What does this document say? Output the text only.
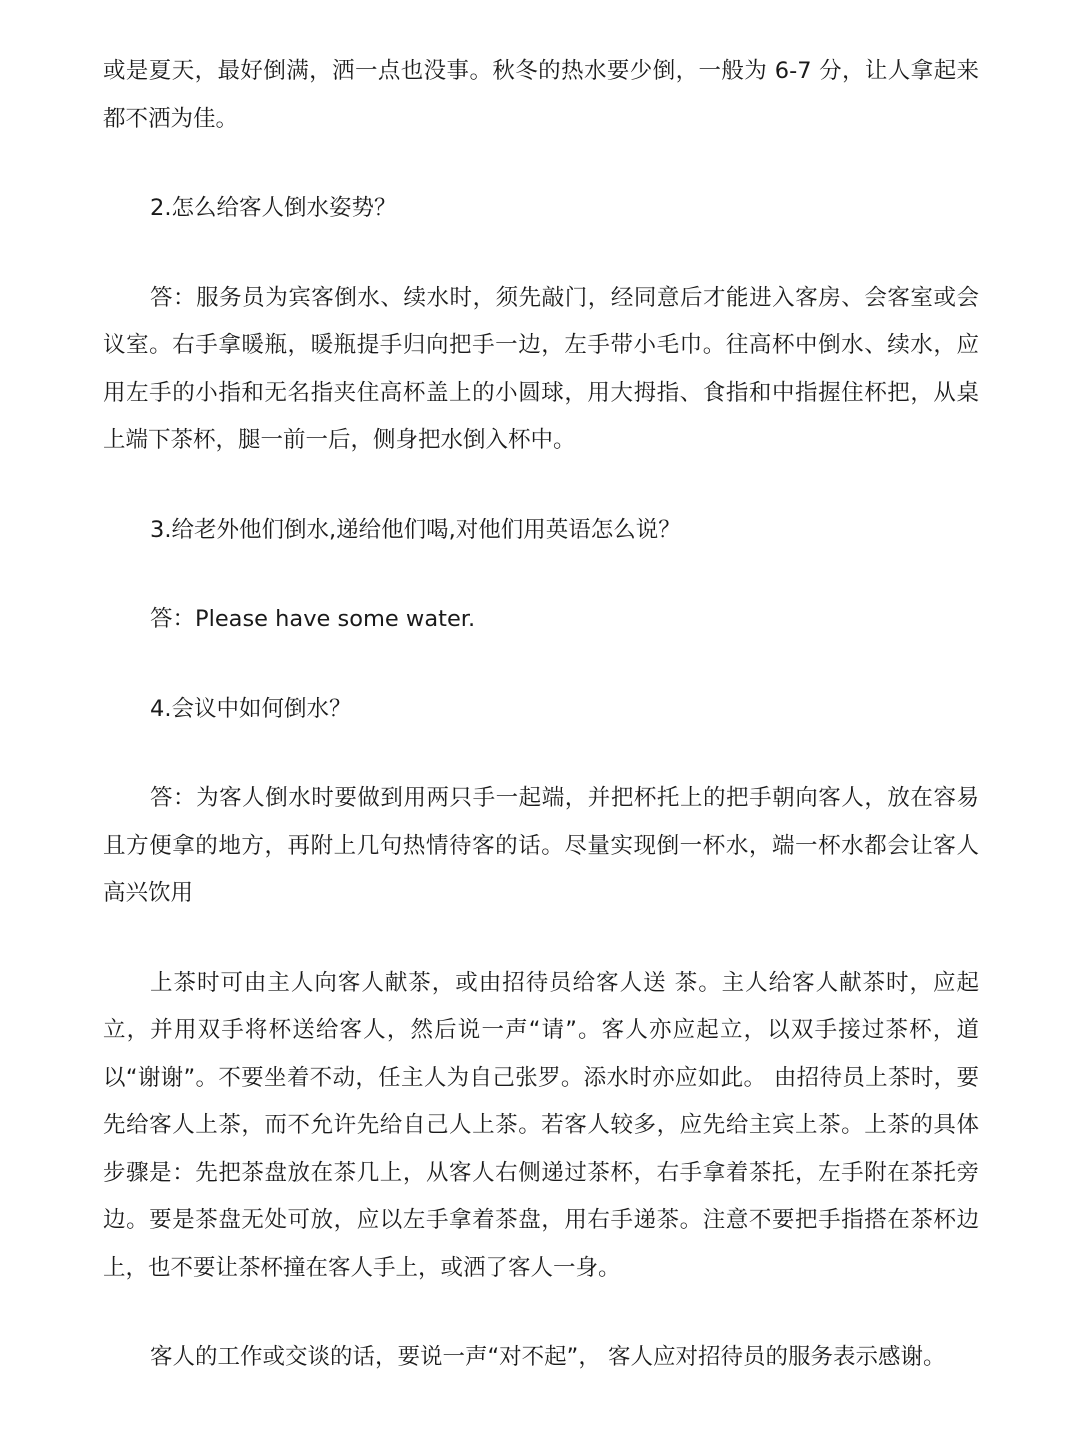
或是夏天，最好倒满，洒一点也没事。秋冬的热水要少倒，一般为 6-7 分，让人拿起来都不洒为佳。

2.怎么给客人倒水姿势？

答：服务员为宾客倒水、续水时，须先敲门，经同意后才能进入客房、会客室或会议室。右手拿暖瓶，暖瓶提手归向把手一边，左手带小毛巾。往高杯中倒水、续水，应用左手的小指和无名指夹住高杯盖上的小圆球，用大拇指、食指和中指握住杯把，从桌上端下茶杯，腿一前一后，侧身把水倒入杯中。

3.给老外他们倒水,递给他们喝,对他们用英语怎么说？

答：Please have some water.

4.会议中如何倒水？

答：为客人倒水时要做到用两只手一起端，并把杯托上的把手朝向客人，放在容易且方便拿的地方，再附上几句热情待客的话。尽量实现倒一杯水，端一杯水都会让客人高兴饮用

上茶时可由主人向客人献茶，或由招待员给客人送 茶。主人给客人献茶时，应起立，并用双手将杯送给客人，然后说一声“请”。客人亦应起立，以双手接过茶杯，道以“谢谢”。不要坐着不动，任主人为自己张罗。添水时亦应如此。 由招待员上茶时，要先给客人上茶，而不允许先给自己人上茶。若客人较多，应先给主宾上茶。上茶的具体步骤是：先把茶盘放在茶几上，从客人右侧递过茶杯，右手拿着茶托，左手附在茶托旁边。要是茶盘无处可放，应以左手拿着茶盘，用右手递茶。注意不要把手指搭在茶杯边上，也不要让茶杯撞在客人手上，或洒了客人一身。

客人的工作或交谈的话，要说一声“对不起”， 客人应对招待员的服务表示感谢。
